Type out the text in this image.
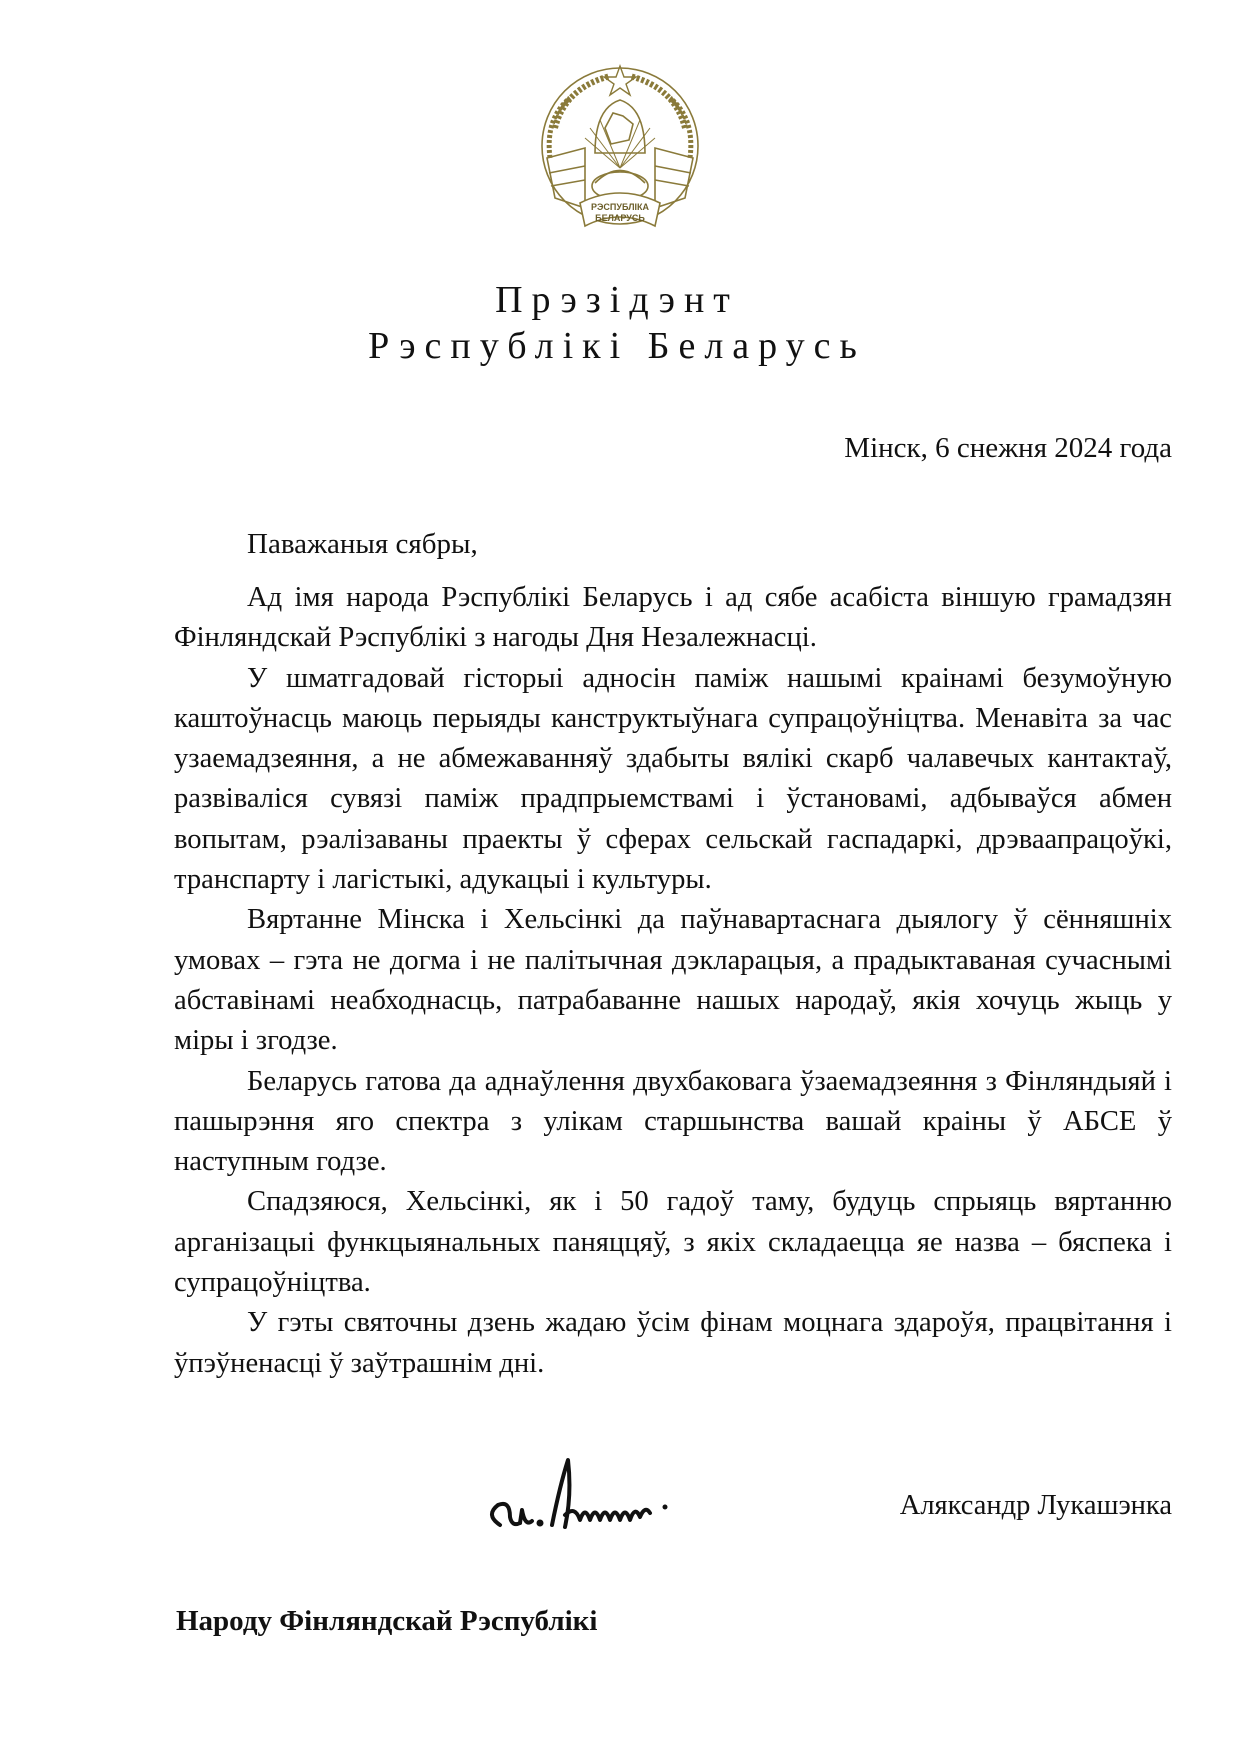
РЭСПУБЛІКА
БЕЛАРУСЬ
Прэзідэнт
Рэспублікі Беларусь
Мінск, 6 снежня 2024 года
Паважаныя сябры,

Ад імя народа Рэспублікі Беларусь і ад сябе асабіста віншую грамадзян Фінляндскай Рэспублікі з нагоды Дня Незалежнасці.

У шматгадовай гісторыі адносін паміж нашымі краінамі безумоўную каштоўнасць маюць перыяды канструктыўнага супрацоўніцтва. Менавіта за час узаемадзеяння, а не абмежаванняў здабыты вялікі скарб чалавечых кантактаў, развіваліся сувязі паміж прадпрыемствамі і ўстановамі, адбываўся абмен вопытам, рэалізаваны праекты ў сферах сельскай гаспадаркі, дрэваапрацоўкі, транспарту і лагістыкі, адукацыі і культуры.

Вяртанне Мінска і Хельсінкі да паўнавартаснага дыялогу ў сённяшніх умовах – гэта не догма і не палітычная дэкларацыя, а прадыктаваная сучаснымі абставінамі неабходнасць, патрабаванне нашых народаў, якія хочуць жыць у міры і згодзе.

Беларусь гатова да аднаўлення двухбаковага ўзаемадзеяння з Фінляндыяй і пашырэння яго спектра з улікам старшынства вашай краіны ў АБСЕ ў наступным годзе.

Спадзяюся, Хельсінкі, як і 50 гадоў таму, будуць спрыяць вяртанню арганізацыі функцыянальных паняццяў, з якіх складаецца яе назва – бяспека і супрацоўніцтва.

У гэты святочны дзень жадаю ўсім фінам моцнага здароўя, працвітання і ўпэўненасці ў заўтрашнім дні.

Аляксандр Лукашэнка
Народу Фінляндскай Рэспублікі
